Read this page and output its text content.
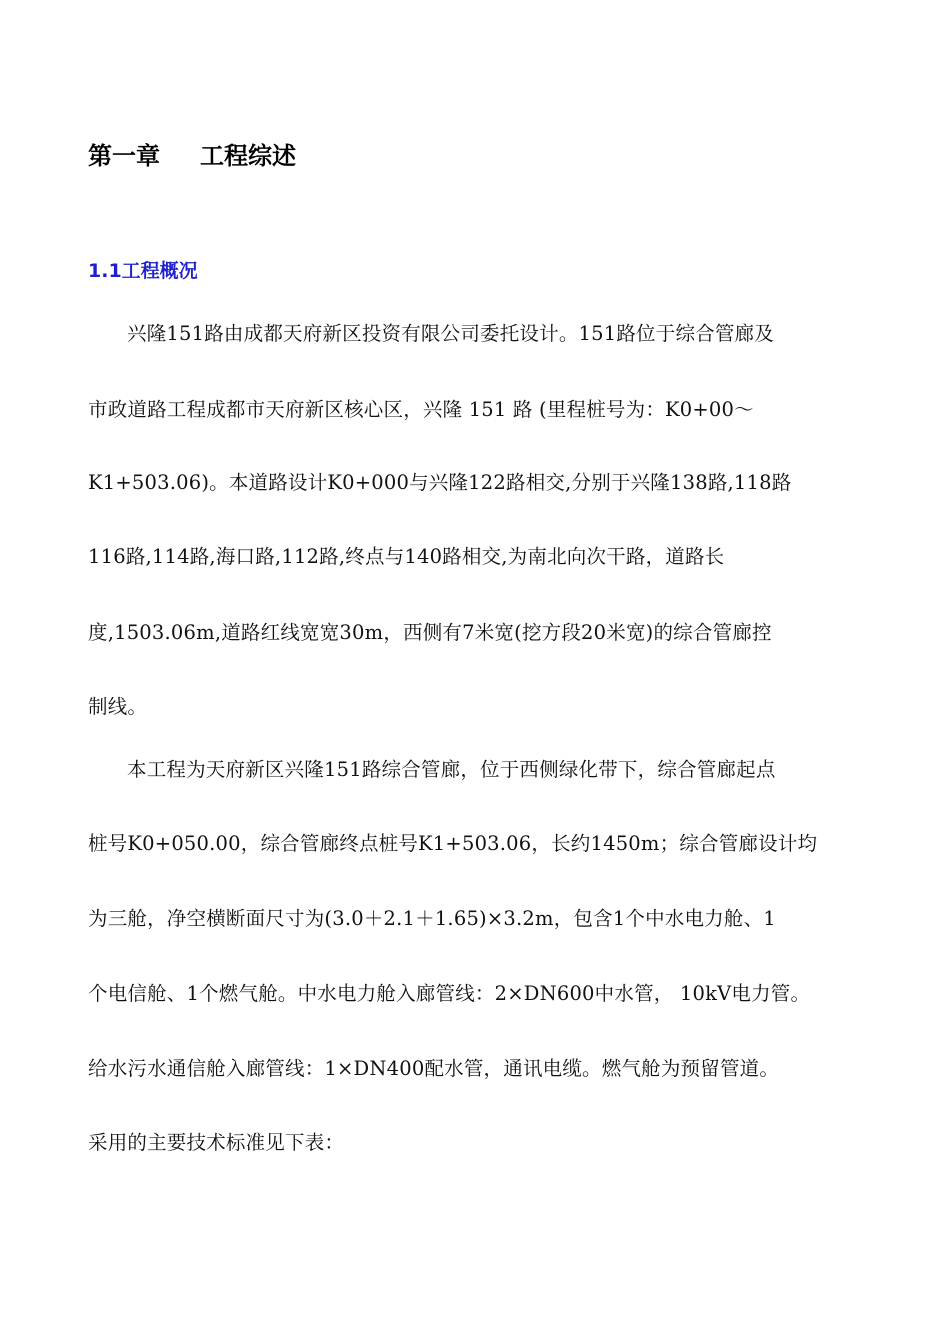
第一章 工程综述
1.1工程概况
兴隆151路由成都天府新区投资有限公司委托设计。151路位于综合管廊及
市政道路工程成都市天府新区核心区，兴隆 151 路 (里程桩号为：K0+00～
K1+503.06)。本道路设计K0+000与兴隆122路相交,分别于兴隆138路,118路
116路,114路,海口路,112路,终点与140路相交,为南北向次干路，道路长
度,1503.06m,道路红线宽宽30m，西侧有7米宽(挖方段20米宽)的综合管廊控
制线。
本工程为天府新区兴隆151路综合管廊，位于西侧绿化带下，综合管廊起点
桩号K0+050.00，综合管廊终点桩号K1+503.06，长约1450m；综合管廊设计均
为三舱，净空横断面尺寸为(3.0＋2.1＋1.65)×3.2m，包含1个中水电力舱、1
个电信舱、1个燃气舱。中水电力舱入廊管线：2×DN600中水管， 10kV电力管。
给水污水通信舱入廊管线：1×DN400配水管，通讯电缆。燃气舱为预留管道。
采用的主要技术标准见下表：
